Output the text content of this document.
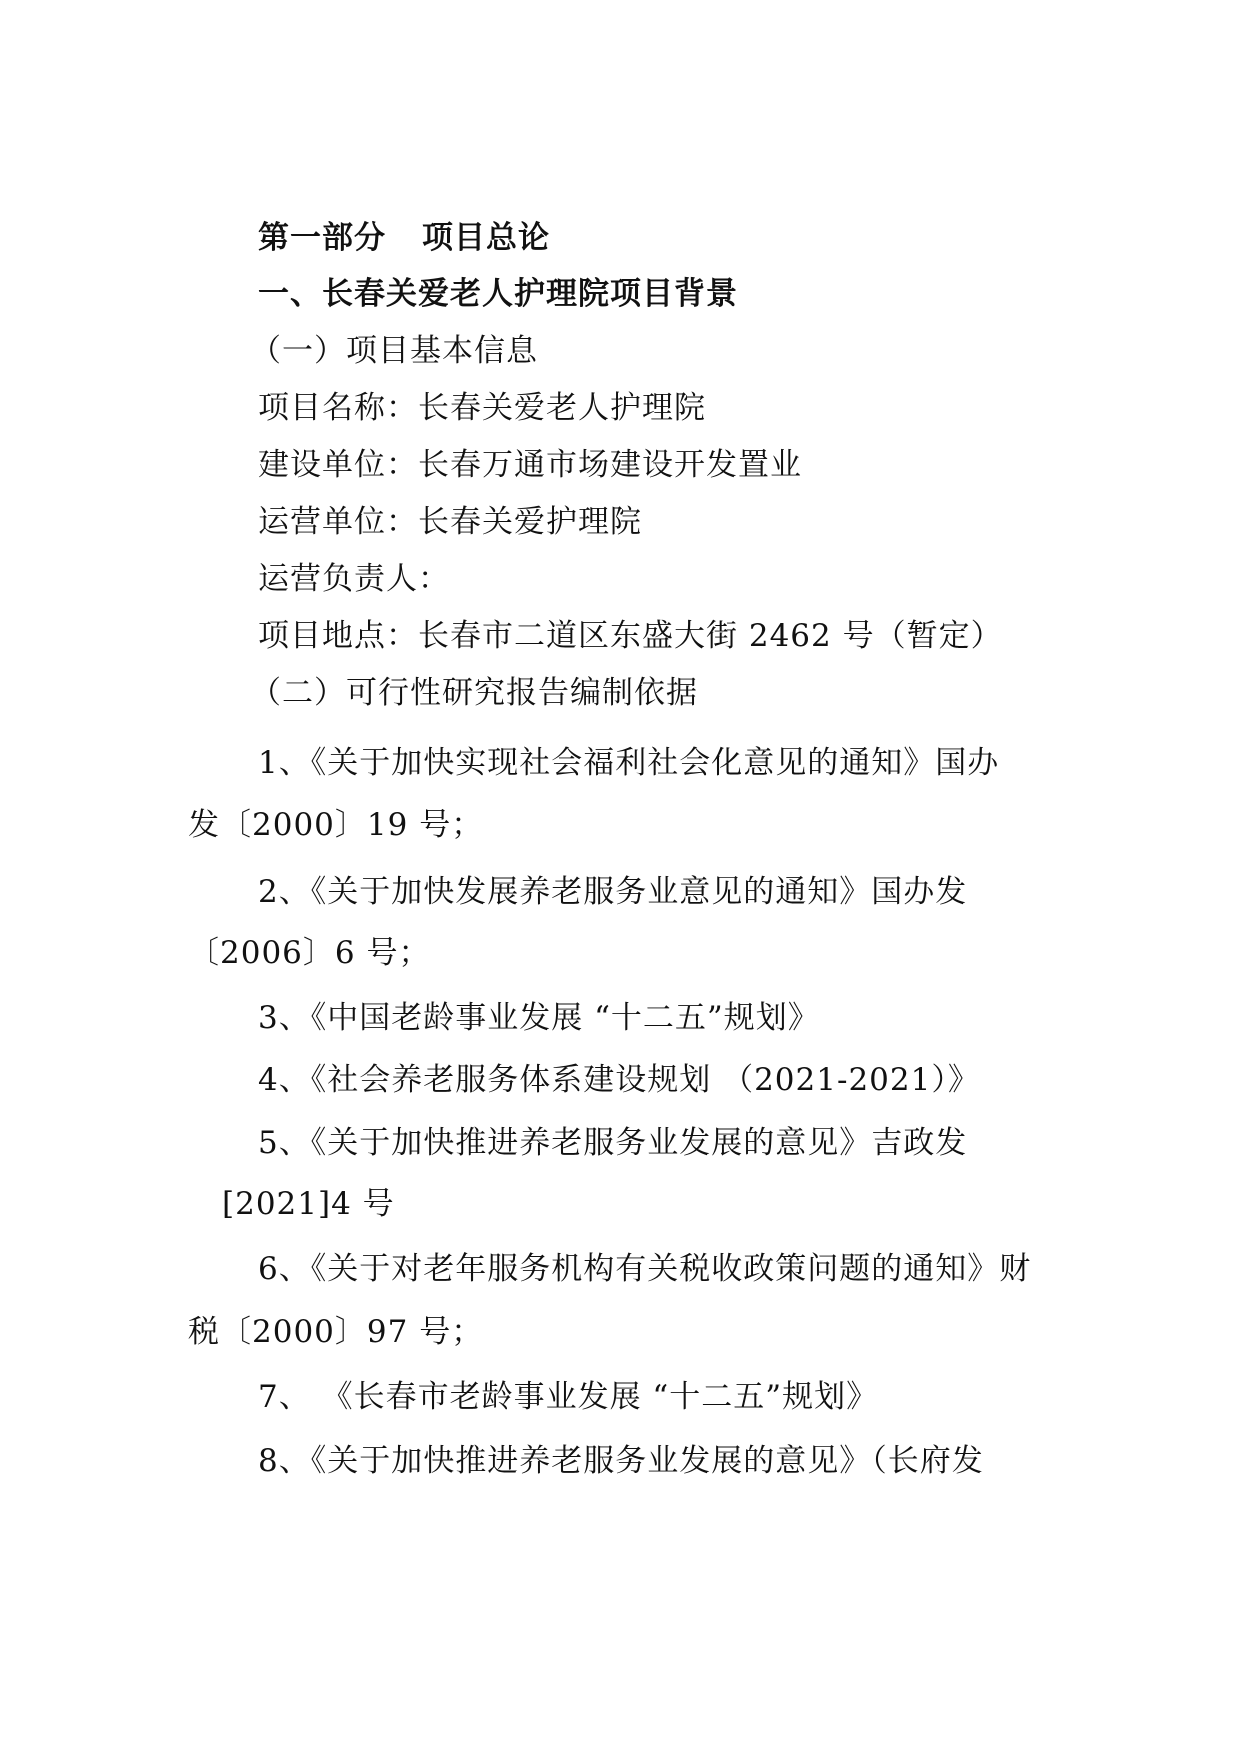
第一部分 项目总论
一、长春关爱老人护理院项目背景
（一）项目基本信息
项目名称：长春关爱老人护理院
建设单位：长春万通市场建设开发置业
运营单位：长春关爱护理院
运营负责人：
项目地点：长春市二道区东盛大街 2462 号（暂定）
（二）可行性研究报告编制依据
1、《关于加快实现社会福利社会化意见的通知》国办
发〔2000〕19 号；
2、《关于加快发展养老服务业意见的通知》国办发
〔2006〕6 号；
3、《中国老龄事业发展 “十二五”规划》
4、《社会养老服务体系建设规划 （2021-2021）》
5、《关于加快推进养老服务业发展的意见》吉政发
[2021]4 号
6、《关于对老年服务机构有关税收政策问题的通知》财
税〔2000〕97 号；
7、 《长春市老龄事业发展 “十二五”规划》
8、《关于加快推进养老服务业发展的意见》（长府发
